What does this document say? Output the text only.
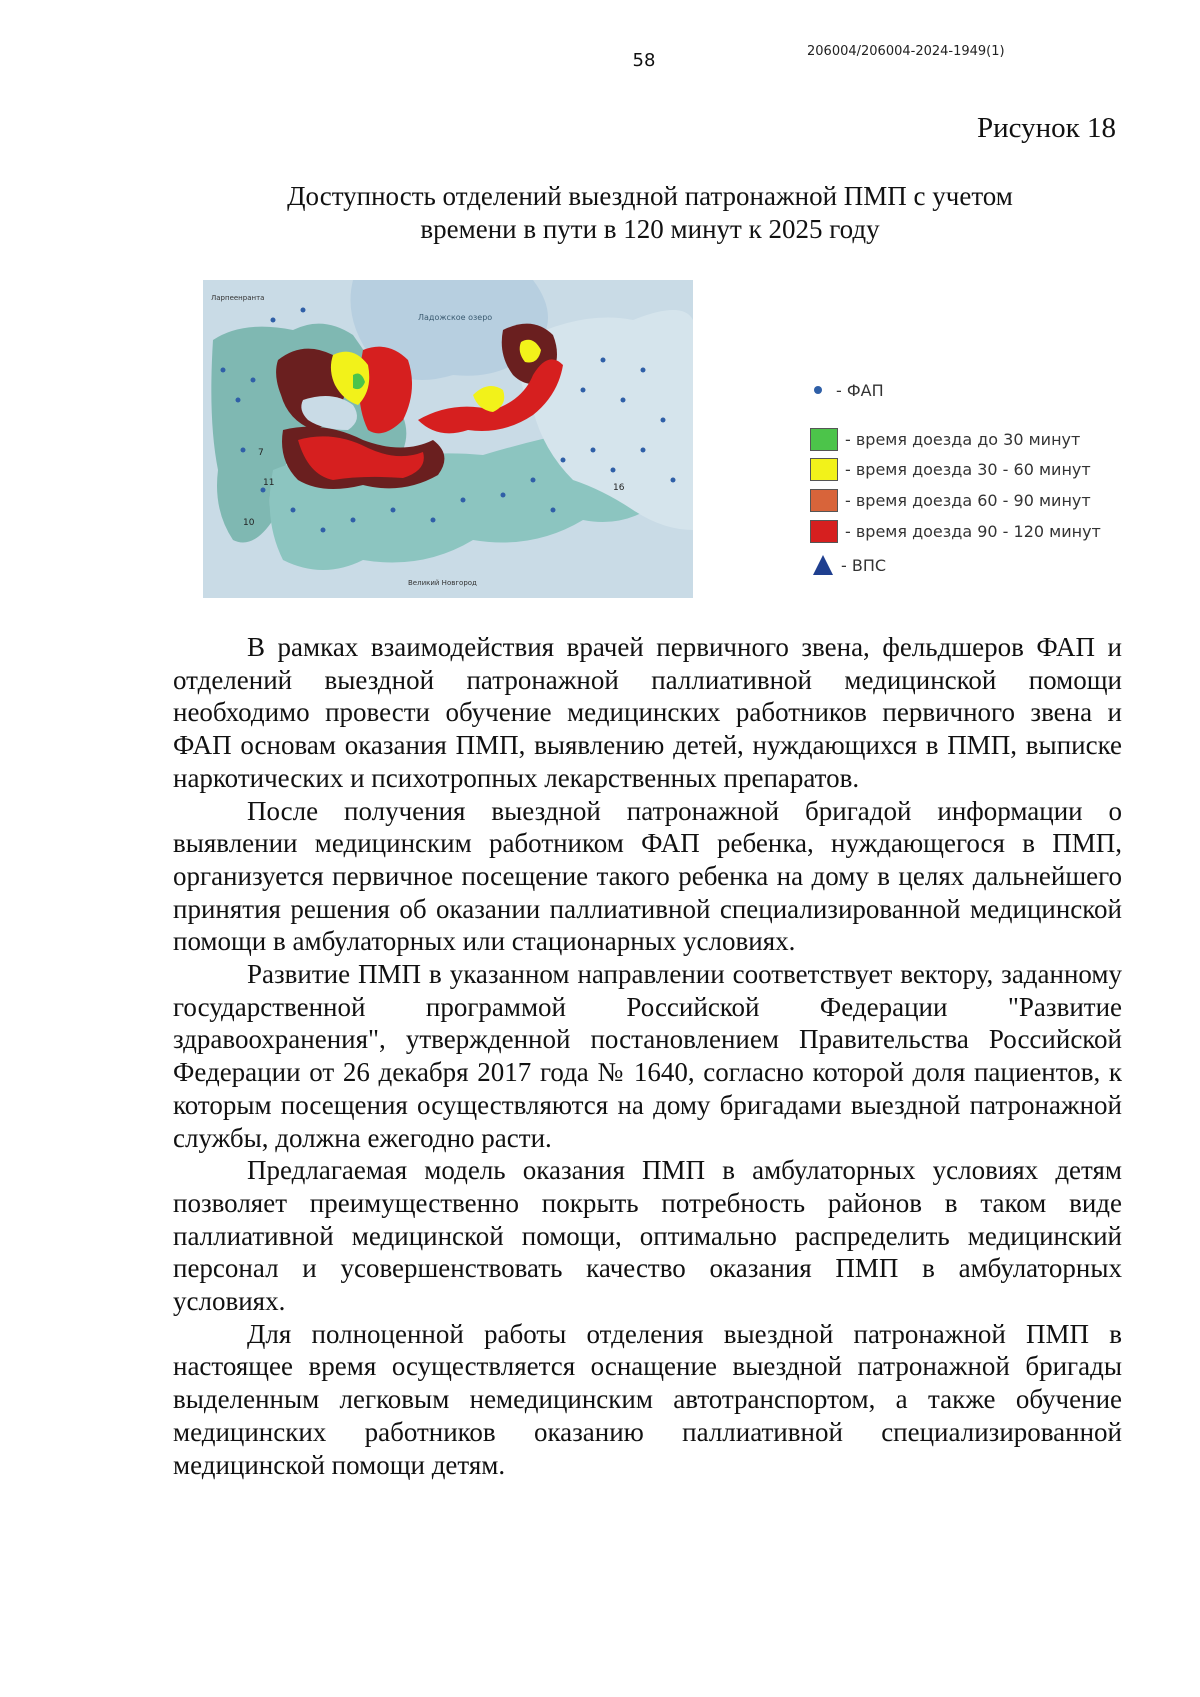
58	206004/206004-2024-1949(1)
Рисунок 18
Доступность отделений выездной патронажной ПМП с учетом
времени в пути в 120 минут к 2025 году
Ладожское озеро
Ларпеенранта
Великий Новгород
16
10
11
7
- ФАП
- время доезда до 30 минут
- время доезда 30 - 60 минут
- время доезда 60 - 90 минут
- время доезда 90 - 120 минут
- ВПС

В рамках взаимодействия врачей первичного звена, фельдшеров ФАП и отделений выездной патронажной паллиативной медицинской помощи необходимо провести обучение медицинских работников первичного звена и ФАП основам оказания ПМП, выявлению детей, нуждающихся в ПМП, выписке наркотических и психотропных лекарственных препаратов.

После получения выездной патронажной бригадой информации о выявлении медицинским работником ФАП ребенка, нуждающегося в ПМП, организуется первичное посещение такого ребенка на дому в целях дальнейшего принятия решения об оказании паллиативной специализированной медицинской помощи в амбулаторных или стационарных условиях.

Развитие ПМП в указанном направлении соответствует вектору, заданному государственной программой Российской Федерации "Развитие здравоохранения", утвержденной постановлением Правительства Российской Федерации от 26 декабря 2017 года № 1640, согласно которой доля пациентов, к которым посещения осуществляются на дому бригадами выездной патронажной службы, должна ежегодно расти.

Предлагаемая модель оказания ПМП в амбулаторных условиях детям позволяет преимущественно покрыть потребность районов в таком виде паллиативной медицинской помощи, оптимально распределить медицинский персонал и усовершенствовать качество оказания ПМП в амбулаторных условиях.

Для полноценной работы отделения выездной патронажной ПМП в настоящее время осуществляется оснащение выездной патронажной бригады выделенным легковым немедицинским автотранспортом, а также обучение медицинских работников оказанию паллиативной специализированной медицинской помощи детям.
